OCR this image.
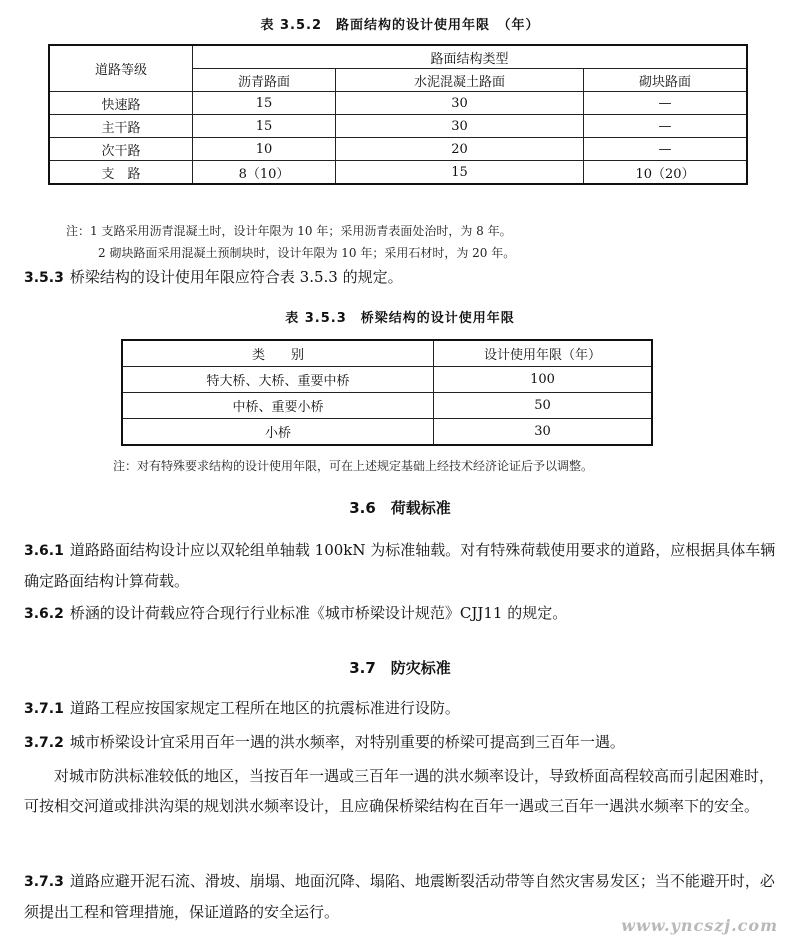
表 3.5.2　路面结构的设计使用年限　（年）
道路等级	路面结构类型		
	沥青路面	水泥混凝土路面	砌块路面
快速路	15	30	—
主干路	15	30	—
次干路	10	20	—
支　路	8（10）	15	10（20）
注：1 支路采用沥青混凝土时，设计年限为 10 年；采用沥青表面处治时，为 8 年。
2 砌块路面采用混凝土预制块时，设计年限为 10 年；采用石材时，为 20 年。

3.5.3 桥梁结构的设计使用年限应符合表 3.5.3 的规定。

表 3.5.3　桥梁结构的设计使用年限
类　　别	设计使用年限（年）
特大桥、大桥、重要中桥	100
中桥、重要小桥	50
小桥	30
注：对有特殊要求结构的设计使用年限，可在上述规定基础上经技术经济论证后予以调整。
3.6　荷载标准

3.6.1 道路路面结构设计应以双轮组单轴载 100kN 为标准轴载。对有特殊荷载使用要求的道路，应根据具体车辆确定路面结构计算荷载。

3.6.2 桥涵的设计荷载应符合现行行业标准《城市桥梁设计规范》CJJ11 的规定。

3.7　防灾标准

3.7.1 道路工程应按国家规定工程所在地区的抗震标准进行设防。

3.7.2 城市桥梁设计宜采用百年一遇的洪水频率，对特别重要的桥梁可提高到三百年一遇。

对城市防洪标准较低的地区，当按百年一遇或三百年一遇的洪水频率设计，导致桥面高程较高而引起困难时，可按相交河道或排洪沟渠的规划洪水频率设计，且应确保桥梁结构在百年一遇或三百年一遇洪水频率下的安全。

3.7.3 道路应避开泥石流、滑坡、崩塌、地面沉降、塌陷、地震断裂活动带等自然灾害易发区；当不能避开时，必须提出工程和管理措施，保证道路的安全运行。

www.yncszj.com
